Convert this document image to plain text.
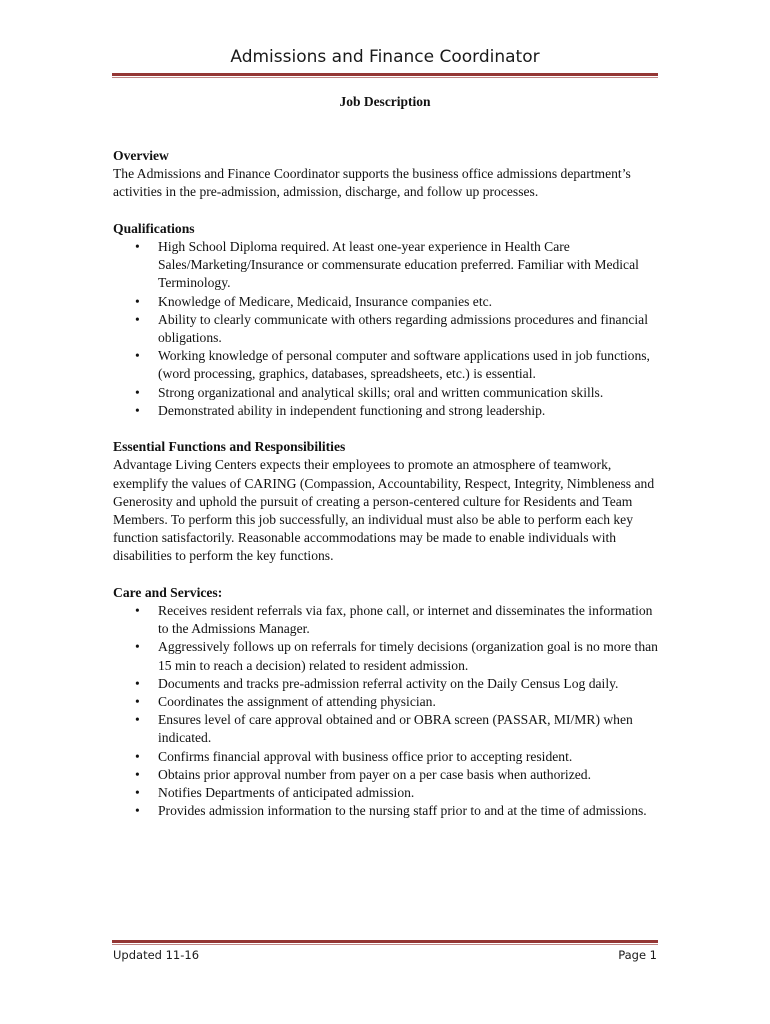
Admissions and Finance Coordinator
Job Description
Overview
The Admissions and Finance Coordinator supports the business office admissions department’s activities in the pre-admission, admission, discharge, and follow up processes.
Qualifications
• High School Diploma required. At least one-year experience in Health Care Sales/Marketing/Insurance or commensurate education preferred. Familiar with Medical Terminology.
• Knowledge of Medicare, Medicaid, Insurance companies etc.
• Ability to clearly communicate with others regarding admissions procedures and financial obligations.
• Working knowledge of personal computer and software applications used in job functions, (word processing, graphics, databases, spreadsheets, etc.) is essential.
• Strong organizational and analytical skills; oral and written communication skills.
• Demonstrated ability in independent functioning and strong leadership.
Essential Functions and Responsibilities
Advantage Living Centers expects their employees to promote an atmosphere of teamwork, exemplify the values of CARING (Compassion, Accountability, Respect, Integrity, Nimbleness and Generosity and uphold the pursuit of creating a person-centered culture for Residents and Team Members. To perform this job successfully, an individual must also be able to perform each key function satisfactorily. Reasonable accommodations may be made to enable individuals with disabilities to perform the key functions.
Care and Services:
• Receives resident referrals via fax, phone call, or internet and disseminates the information to the Admissions Manager.
• Aggressively follows up on referrals for timely decisions (organization goal is no more than 15 min to reach a decision) related to resident admission.
• Documents and tracks pre-admission referral activity on the Daily Census Log daily.
• Coordinates the assignment of attending physician.
• Ensures level of care approval obtained and or OBRA screen (PASSAR, MI/MR) when indicated.
• Confirms financial approval with business office prior to accepting resident.
• Obtains prior approval number from payer on a per case basis when authorized.
• Notifies Departments of anticipated admission.
• Provides admission information to the nursing staff prior to and at the time of admissions.
Updated 11-16	Page 1
